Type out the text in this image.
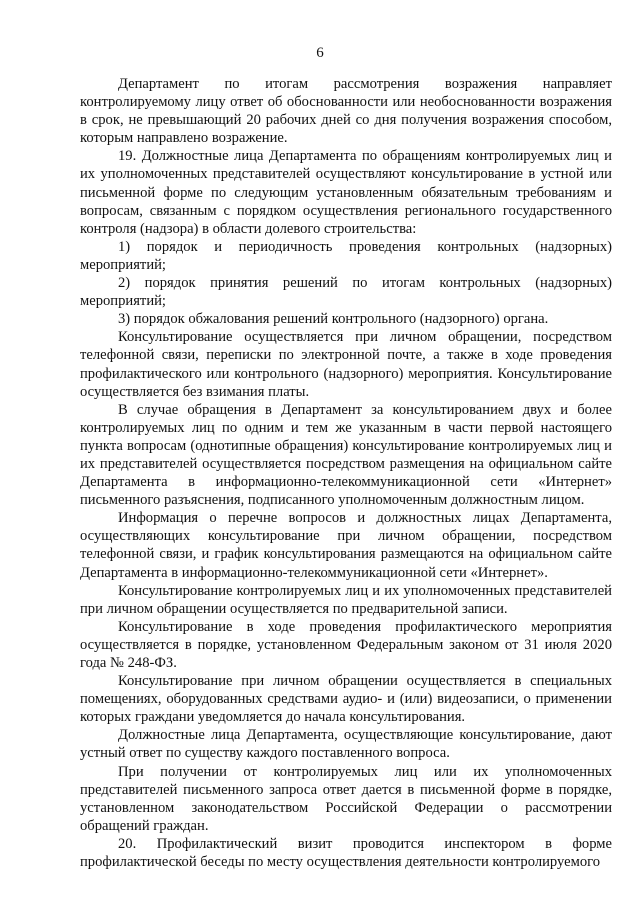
6

Департамент по итогам рассмотрения возражения направляет контролируемому лицу ответ об обоснованности или необоснованности возражения в срок, не превышающий 20 рабочих дней со дня получения возражения способом, которым направлено возражение.

19. Должностные лица Департамента по обращениям контролируемых лиц и их уполномоченных представителей осуществляют консультирование в устной или письменной форме по следующим установленным обязательным требованиям и вопросам, связанным с порядком осуществления регионального государственного контроля (надзора) в области долевого строительства:

1) порядок и периодичность проведения контрольных (надзорных) мероприятий;

2) порядок принятия решений по итогам контрольных (надзорных) мероприятий;

3) порядок обжалования решений контрольного (надзорного) органа.

Консультирование осуществляется при личном обращении, посредством телефонной связи, переписки по электронной почте, а также в ходе проведения профилактического или контрольного (надзорного) мероприятия. Консультирование осуществляется без взимания платы.

В случае обращения в Департамент за консультированием двух и более контролируемых лиц по одним и тем же указанным в части первой настоящего пункта вопросам (однотипные обращения) консультирование контролируемых лиц и их представителей осуществляется посредством размещения на официальном сайте Департамента в информационно-телекоммуникационной сети «Интернет» письменного разъяснения, подписанного уполномоченным должностным лицом.

Информация о перечне вопросов и должностных лицах Департамента, осуществляющих консультирование при личном обращении, посредством телефонной связи, и график консультирования размещаются на официальном сайте Департамента в информационно-телекоммуникационной сети «Интернет».

Консультирование контролируемых лиц и их уполномоченных представителей при личном обращении осуществляется по предварительной записи.

Консультирование в ходе проведения профилактического мероприятия осуществляется в порядке, установленном Федеральным законом от 31 июля 2020 года № 248-ФЗ.

Консультирование при личном обращении осуществляется в специальных помещениях, оборудованных средствами аудио- и (или) видеозаписи, о применении которых граждани уведомляется до начала консультирования.

Должностные лица Департамента, осуществляющие консультирование, дают устный ответ по существу каждого поставленного вопроса.

При получении от контролируемых лиц или их уполномоченных представителей письменного запроса ответ дается в письменной форме в порядке, установленном законодательством Российской Федерации о рассмотрении обращений граждан.

20. Профилактический визит проводится инспектором в форме профилактической беседы по месту осуществления деятельности контролируемого
